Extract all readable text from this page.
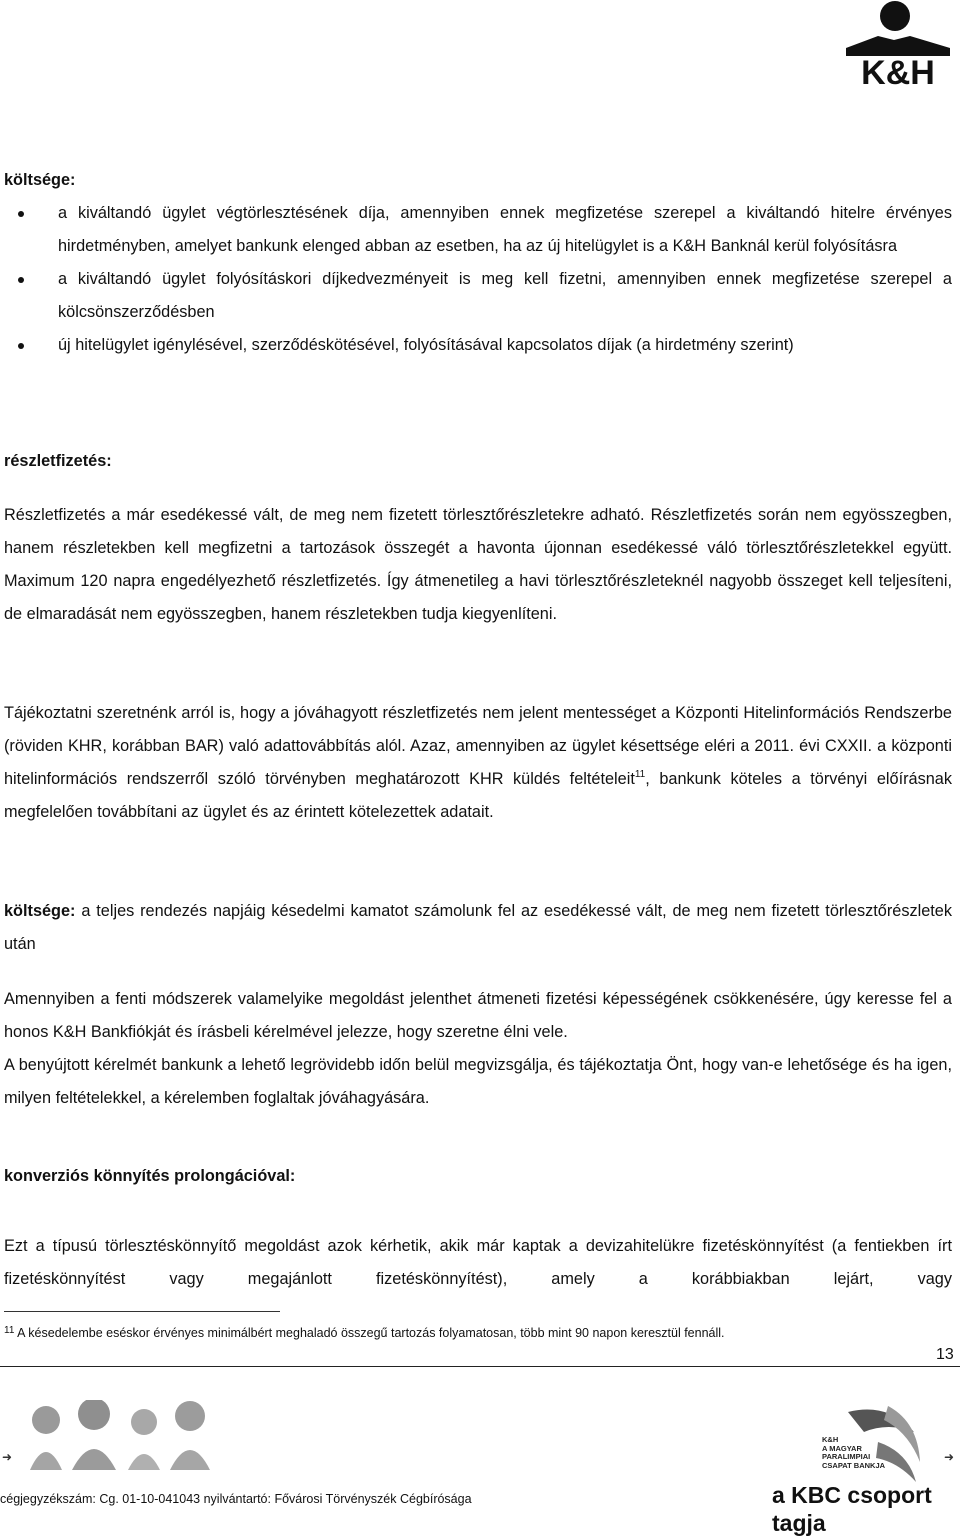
K&H

költsége:

a kiváltandó ügylet végtörlesztésének díja, amennyiben ennek megfizetése szerepel a kiváltandó hitelre érvényes hirdetményben, amelyet bankunk elenged abban az esetben, ha az új hitelügylet is a K&H Banknál kerül folyósításra
a kiváltandó ügylet folyósításkori díjkedvezményeit is meg kell fizetni, amennyiben ennek megfizetése szerepel a kölcsönszerződésben
új hitelügylet igénylésével, szerződéskötésével, folyósításával kapcsolatos díjak (a hirdetmény szerint)

részletfizetés:

Részletfizetés a már esedékessé vált, de meg nem fizetett törlesztőrészletekre adható. Részletfizetés során nem egyösszegben, hanem részletekben kell megfizetni a tartozások összegét a havonta újonnan esedékessé váló törlesztőrészletekkel együtt. Maximum 120 napra engedélyezhető részletfizetés. Így átmenetileg a havi törlesztőrészleteknél nagyobb összeget kell teljesíteni, de elmaradását nem egyösszegben, hanem részletekben tudja kiegyenlíteni.

Tájékoztatni szeretnénk arról is, hogy a jóváhagyott részletfizetés nem jelent mentességet a Központi Hitelinformációs Rendszerbe (röviden KHR, korábban BAR) való adattovábbítás alól. Azaz, amennyiben az ügylet késettsége eléri a 2011. évi CXXII. a központi hitelinformációs rendszerről szóló törvényben meghatározott KHR küldés feltételeit$^{11}$, bankunk köteles a törvényi előírásnak megfelelően továbbítani az ügylet és az érintett kötelezettek adatait.

költsége: a teljes rendezés napjáig késedelmi kamatot számolunk fel az esedékessé vált, de meg nem fizetett törlesztőrészletek után

Amennyiben a fenti módszerek valamelyike megoldást jelenthet átmeneti fizetési képességének csökkenésére, úgy keresse fel a honos K&H Bankfiókját és írásbeli kérelmével jelezze, hogy szeretne élni vele.

A benyújtott kérelmét bankunk a lehető legrövidebb időn belül megvizsgálja, és tájékoztatja Önt, hogy van-e lehetősége és ha igen, milyen feltételekkel, a kérelemben foglaltak jóváhagyására.

konverziós könnyítés prolongációval:

Ezt a típusú törlesztéskönnyítő megoldást azok kérhetik, akik már kaptak a devizahitelükre fizetéskönnyítést (a fentiekben írt fizetéskönnyítést vagy megajánlott fizetéskönnyítést), amely a korábbiakban lejárt, vagy

$^{11}$ A késedelembe eséskor érvényes minimálbért meghaladó összegű tartozás folyamatosan, több mint 90 napon keresztül fennáll.
13
K&H
A MAGYAR
PARALIMPIAI
CSAPAT BANKJA
➜	➜
cégjegyzékszám: Cg. 01-10-041043 nyilvántartó: Fővárosi Törvényszék Cégbírósága	a KBC csoport tagja
